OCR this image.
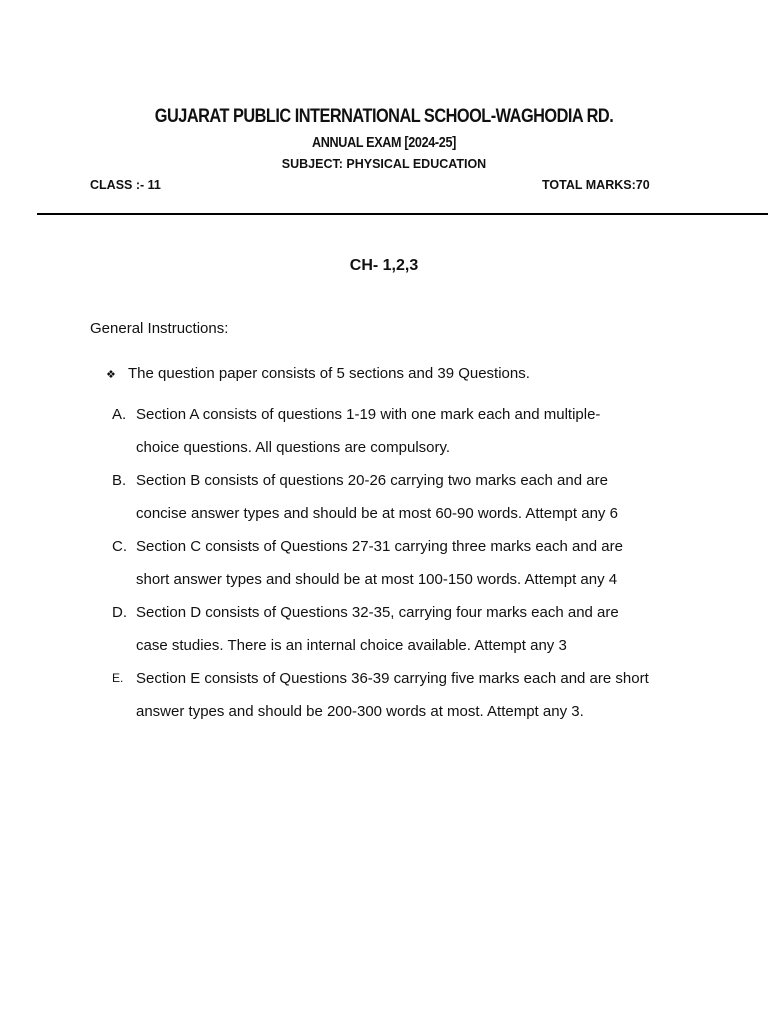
GUJARAT PUBLIC INTERNATIONAL SCHOOL-WAGHODIA RD.
ANNUAL EXAM [2024-25]
SUBJECT: PHYSICAL EDUCATION
CLASS :- 11	TOTAL MARKS:70
CH- 1,2,3
General Instructions:
❖ The question paper consists of 5 sections and 39 Questions.
A. Section A consists of questions 1-19 with one mark each and multiple-
choice questions. All questions are compulsory.
B. Section B consists of questions 20-26 carrying two marks each and are
concise answer types and should be at most 60-90 words. Attempt any 6
C. Section C consists of Questions 27-31 carrying three marks each and are
short answer types and should be at most 100-150 words. Attempt any 4
D. Section D consists of Questions 32-35, carrying four marks each and are
case studies. There is an internal choice available. Attempt any 3
E. Section E consists of Questions 36-39 carrying five marks each and are short
answer types and should be 200-300 words at most. Attempt any 3.
